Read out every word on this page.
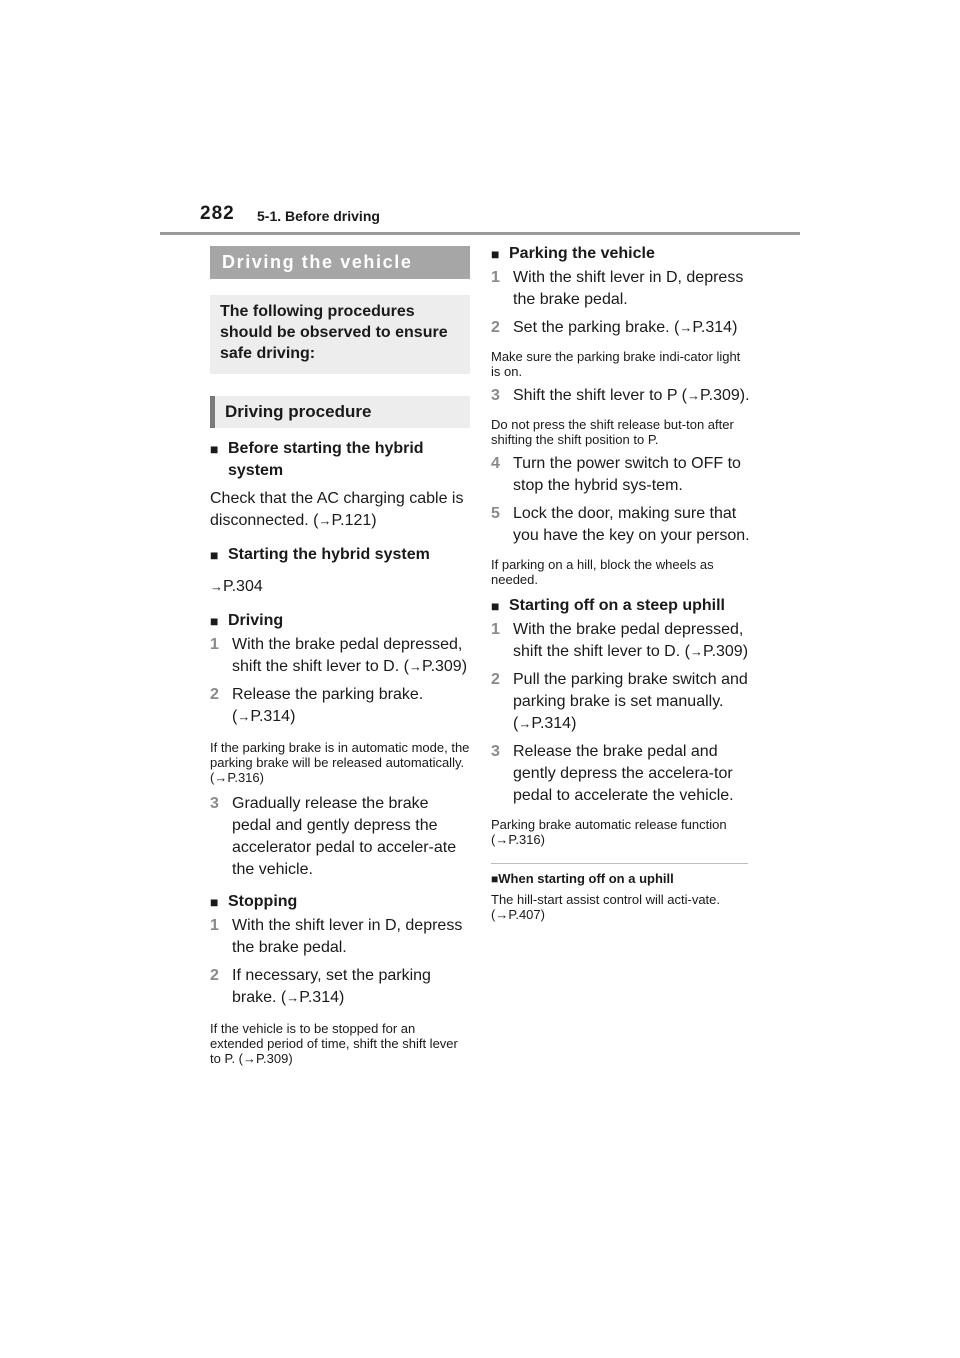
282 5-1. Before driving
Driving the vehicle
The following procedures should be observed to ensure safe driving:
Driving procedure
■ Before starting the hybrid system
Check that the AC charging cable is disconnected. (→P.121)
■ Starting the hybrid system
→P.304
■ Driving
1 With the brake pedal depressed, shift the shift lever to D. (→P.309)
2 Release the parking brake. (→P.314)
If the parking brake is in automatic mode, the parking brake will be released automatically. (→P.316)
3 Gradually release the brake pedal and gently depress the accelerator pedal to acceler-ate the vehicle.
■ Stopping
1 With the shift lever in D, depress the brake pedal.
2 If necessary, set the parking brake. (→P.314)
If the vehicle is to be stopped for an extended period of time, shift the shift lever to P. (→P.309)
■ Parking the vehicle
1 With the shift lever in D, depress the brake pedal.
2 Set the parking brake. (→P.314)
Make sure the parking brake indi-cator light is on.
3 Shift the shift lever to P (→P.309).
Do not press the shift release but-ton after shifting the shift position to P.
4 Turn the power switch to OFF to stop the hybrid sys-tem.
5 Lock the door, making sure that you have the key on your person.
If parking on a hill, block the wheels as needed.
■ Starting off on a steep uphill
1 With the brake pedal depressed, shift the shift lever to D. (→P.309)
2 Pull the parking brake switch and parking brake is set manually. (→P.314)
3 Release the brake pedal and gently depress the accelera-tor pedal to accelerate the vehicle.
Parking brake automatic release function (→P.316)
■When starting off on a uphill
The hill-start assist control will acti-vate. (→P.407)
